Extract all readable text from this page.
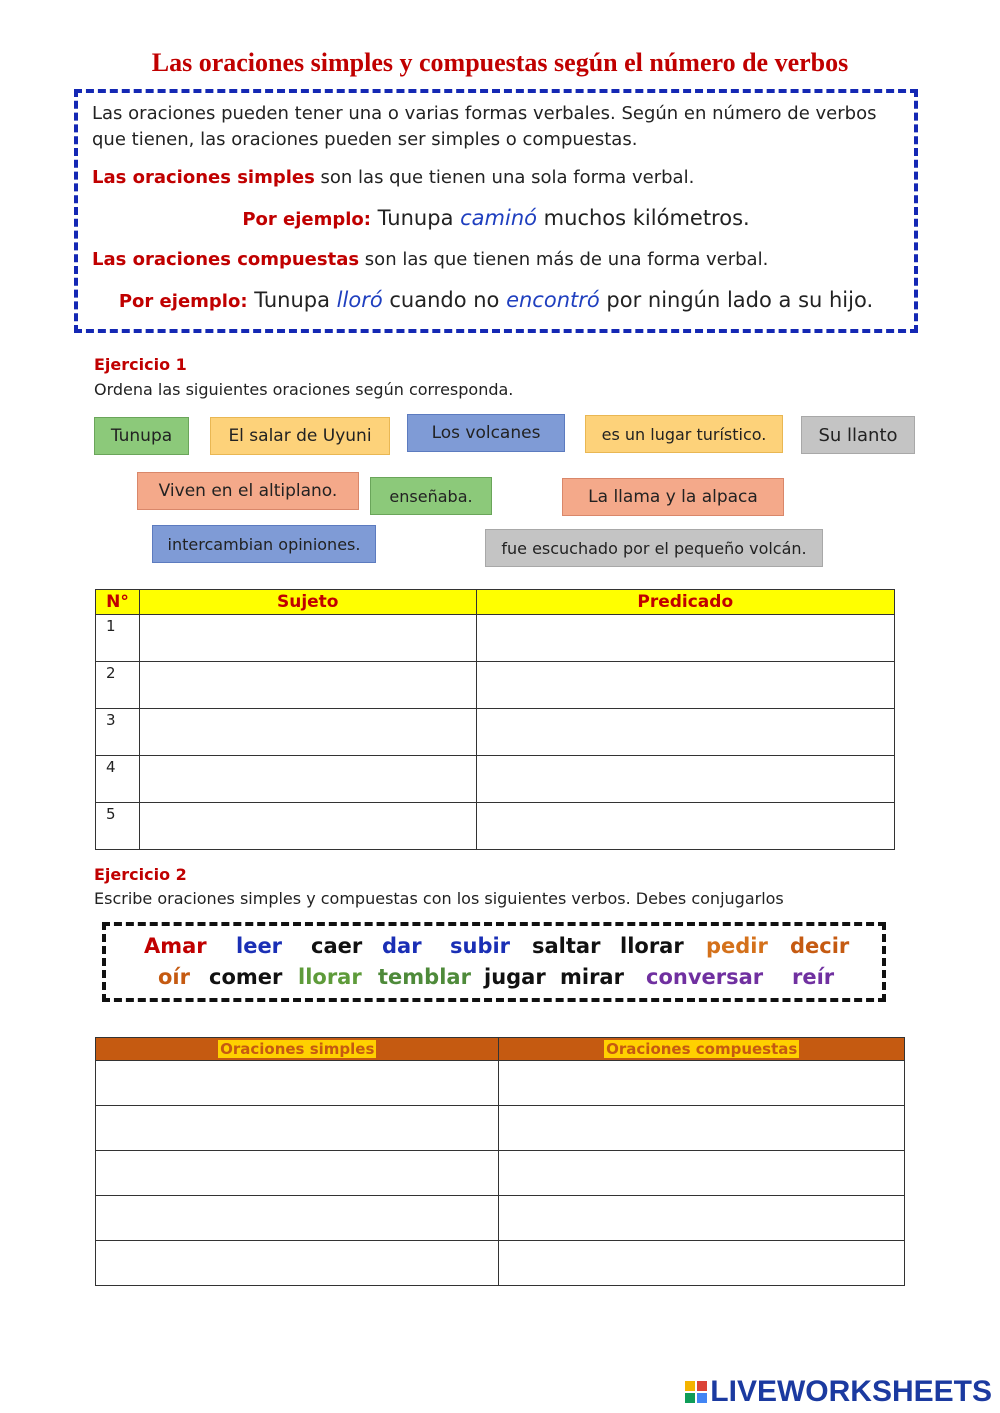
Las oraciones simples y compuestas según el número de verbos

Las oraciones pueden tener una o varias formas verbales. Según en número de verbos que tienen, las oraciones pueden ser simples o compuestas.

Las oraciones simples son las que tienen una sola forma verbal.

Por ejemplo: Tunupa caminó muchos kilómetros.

Las oraciones compuestas son las que tienen más de una forma verbal.

Por ejemplo: Tunupa lloró cuando no encontró por ningún lado a su hijo.

Ejercicio 1
Ordena las siguientes oraciones según corresponda.
Tunupa	El salar de Uyuni	Los volcanes	es un lugar turístico.	Su llanto
Viven en el altiplano.	enseñaba.	La llama y la alpaca
intercambian opiniones.	fue escuchado por el pequeño volcán.
N°	Sujeto	Predicado
1		
2		
3		
4		
5		
Ejercicio 2
Escribe oraciones simples y compuestas con los siguientes verbos. Debes conjugarlos
Amar leer caer dar subir saltar llorar pedir decir
oír comer llorar temblar jugar mirar conversar reír
Oraciones simples	Oraciones compuestas

LIVEWORKSHEETS
